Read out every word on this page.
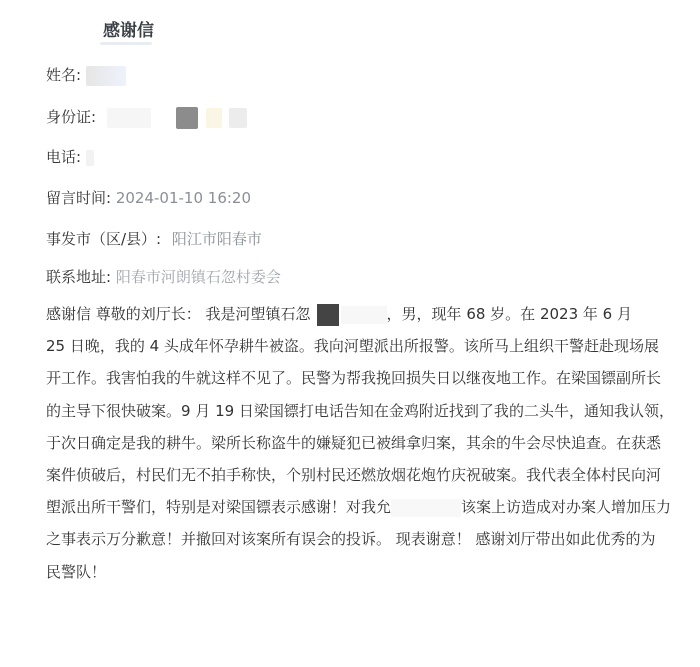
感谢信
姓名:
身份证:
电话:
留言时间: 2024-01-10 16:20
事发市（区/县）: 阳江市阳春市
联系地址: 阳春市河朗镇石忽村委会
感谢信 尊敬的刘厅长： 我是河塱镇石忽	，男，现年 68 岁。在 2023 年 6 月
25 日晚，我的 4 头成年怀孕耕牛被盗。我向河塱派出所报警。该所马上组织干警赶赴现场展
开工作。我害怕我的牛就这样不见了。民警为帮我挽回损失日以继夜地工作。在梁国镖副所长
的主导下很快破案。9 月 19 日梁国镖打电话告知在金鸡附近找到了我的二头牛，通知我认领，
于次日确定是我的耕牛。梁所长称盗牛的嫌疑犯已被缉拿归案，其余的牛会尽快追查。在获悉
案件侦破后，村民们无不拍手称快，个别村民还燃放烟花炮竹庆祝破案。我代表全体村民向河
塱派出所干警们，特别是对梁国镖表示感谢！对我允	该案上访造成对办案人增加压力
之事表示万分歉意！并撤回对该案所有误会的投诉。 现表谢意！ 感谢刘厅带出如此优秀的为
民警队！
